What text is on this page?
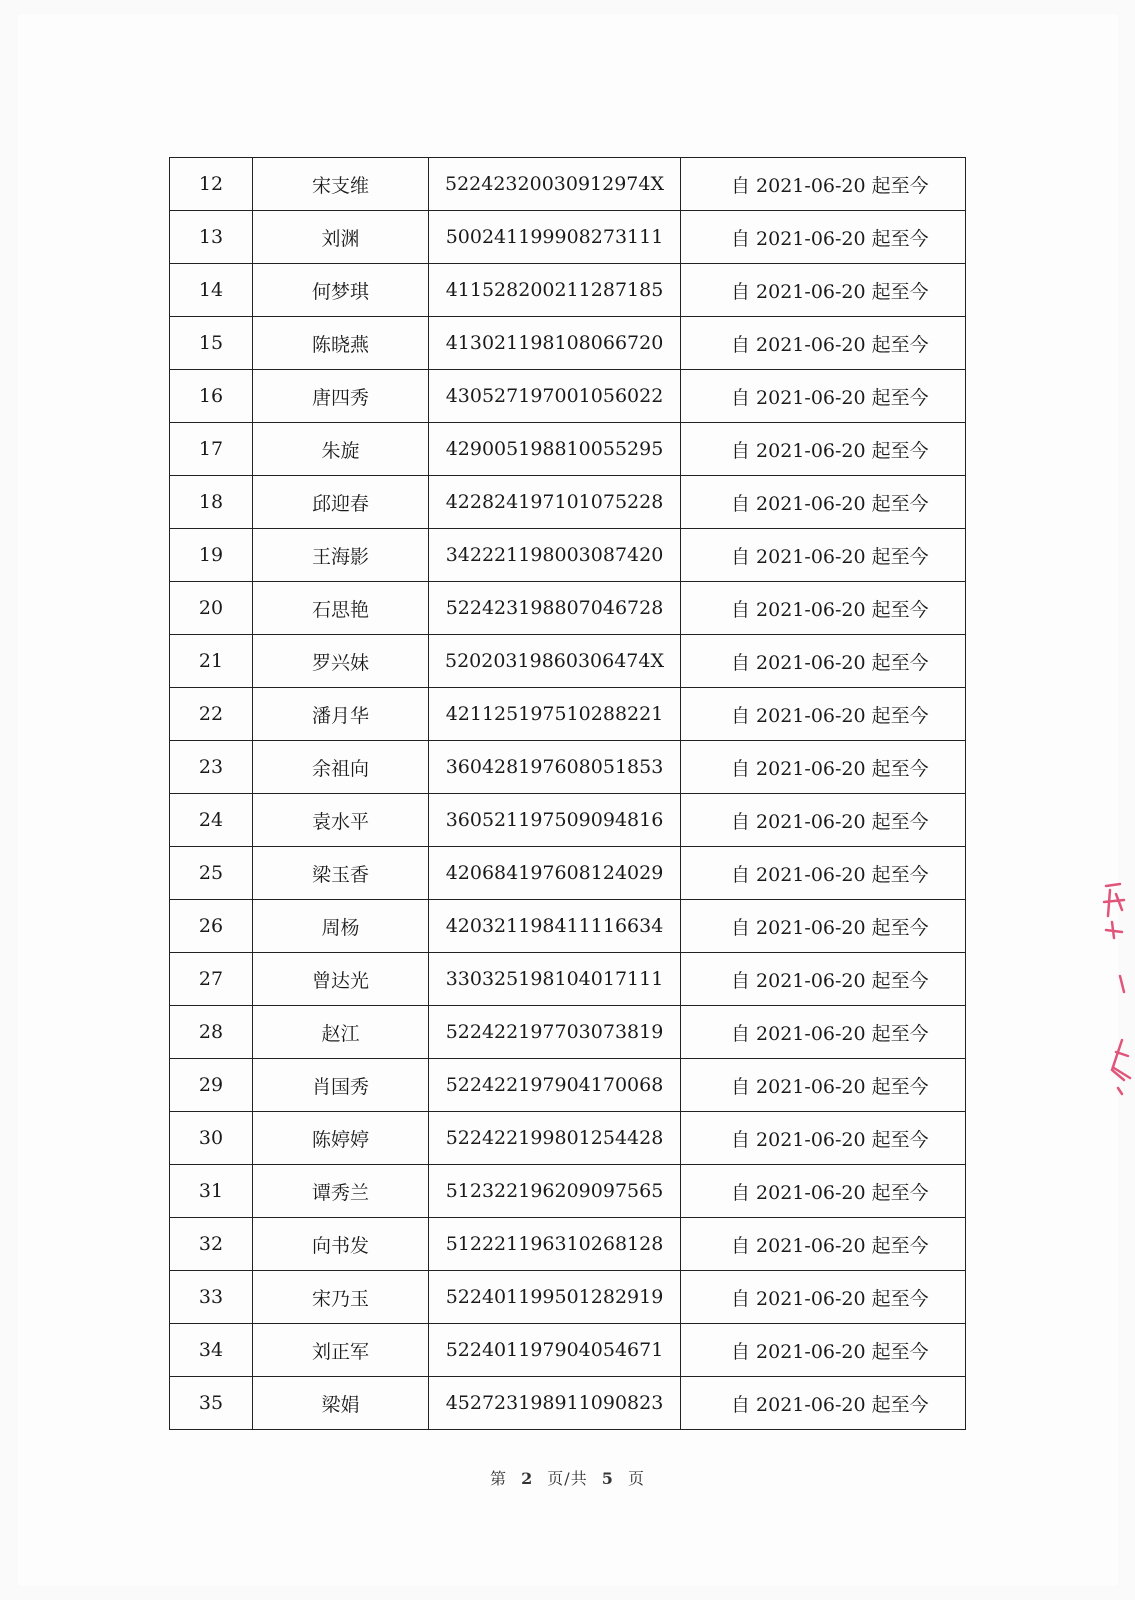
12	宋支维	52242320030912974X	自 2021-06-20 起至今
13	刘渊	500241199908273111	自 2021-06-20 起至今
14	何梦琪	411528200211287185	自 2021-06-20 起至今
15	陈晓燕	413021198108066720	自 2021-06-20 起至今
16	唐四秀	430527197001056022	自 2021-06-20 起至今
17	朱旋	429005198810055295	自 2021-06-20 起至今
18	邱迎春	422824197101075228	自 2021-06-20 起至今
19	王海影	342221198003087420	自 2021-06-20 起至今
20	石思艳	522423198807046728	自 2021-06-20 起至今
21	罗兴妹	52020319860306474X	自 2021-06-20 起至今
22	潘月华	421125197510288221	自 2021-06-20 起至今
23	余祖向	360428197608051853	自 2021-06-20 起至今
24	袁水平	360521197509094816	自 2021-06-20 起至今
25	梁玉香	420684197608124029	自 2021-06-20 起至今
26	周杨	420321198411116634	自 2021-06-20 起至今
27	曾达光	330325198104017111	自 2021-06-20 起至今
28	赵江	522422197703073819	自 2021-06-20 起至今
29	肖国秀	522422197904170068	自 2021-06-20 起至今
30	陈婷婷	522422199801254428	自 2021-06-20 起至今
31	谭秀兰	512322196209097565	自 2021-06-20 起至今
32	向书发	512221196310268128	自 2021-06-20 起至今
33	宋乃玉	522401199501282919	自 2021-06-20 起至今
34	刘正军	522401197904054671	自 2021-06-20 起至今
35	梁娟	452723198911090823	自 2021-06-20 起至今
第 2 页/共 5 页
